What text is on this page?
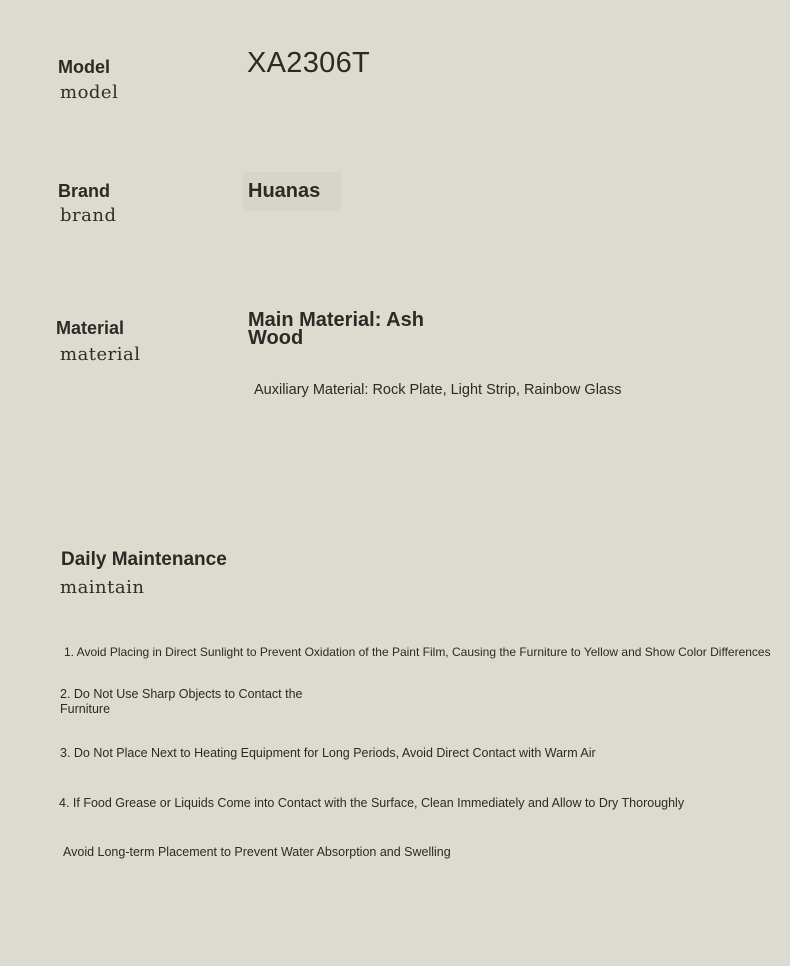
Model
model
XA2306T
Brand
brand
Huanas
Material
material
Main Material: Ash Wood
Auxiliary Material: Rock Plate, Light Strip, Rainbow Glass
Daily Maintenance
maintain
1. Avoid Placing in Direct Sunlight to Prevent Oxidation of the Paint Film, Causing the Furniture to Yellow and Show Color Differences
2. Do Not Use Sharp Objects to Contact the Furniture
3. Do Not Place Next to Heating Equipment for Long Periods, Avoid Direct Contact with Warm Air
4. If Food Grease or Liquids Come into Contact with the Surface, Clean Immediately and Allow to Dry Thoroughly
Avoid Long-term Placement to Prevent Water Absorption and Swelling
